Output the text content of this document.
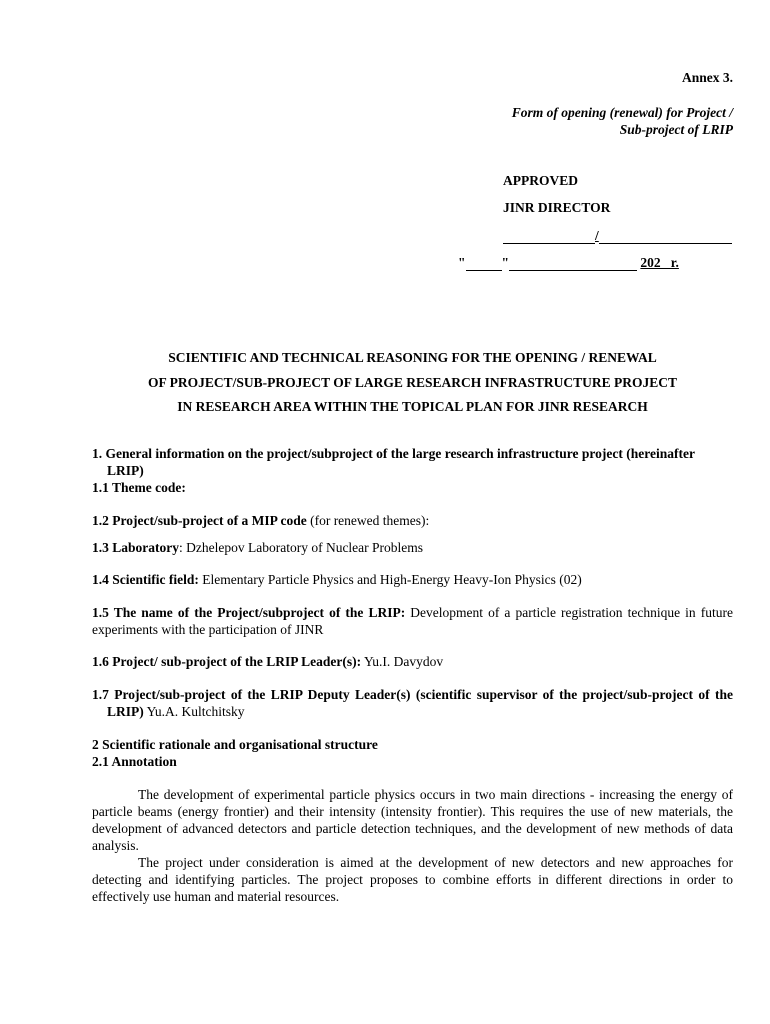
Annex 3.
Form of opening (renewal) for Project /
Sub-project of LRIP
APPROVED
JINR DIRECTOR
/
"	"	202_ r.
SCIENTIFIC AND TECHNICAL REASONING FOR THE OPENING / RENEWAL
OF PROJECT/SUB-PROJECT OF LARGE RESEARCH INFRASTRUCTURE PROJECT
IN RESEARCH AREA WITHIN THE TOPICAL PLAN FOR JINR RESEARCH

1. General information on the project/subproject of the large research infrastructure project (hereinafter LRIP)

1.1 Theme code:

1.2 Project/sub-project of a MIP code (for renewed themes):

1.3 Laboratory: Dzhelepov Laboratory of Nuclear Problems

1.4 Scientific field: Elementary Particle Physics and High-Energy Heavy-Ion Physics (02)

1.5 The name of the Project/subproject of the LRIP: Development of a particle registration technique in future experiments with the participation of JINR

1.6 Project/ sub-project of the LRIP Leader(s): Yu.I. Davydov

1.7 Project/sub-project of the LRIP Deputy Leader(s) (scientific supervisor of the project/sub-project of the LRIP) Yu.A. Kultchitsky

2 Scientific rationale and organisational structure

2.1 Annotation

The development of experimental particle physics occurs in two main directions - increasing the energy of particle beams (energy frontier) and their intensity (intensity frontier). This requires the use of new materials, the development of advanced detectors and particle detection techniques, and the development of new methods of data analysis.

The project under consideration is aimed at the development of new detectors and new approaches for detecting and identifying particles. The project proposes to combine efforts in different directions in order to effectively use human and material resources.
